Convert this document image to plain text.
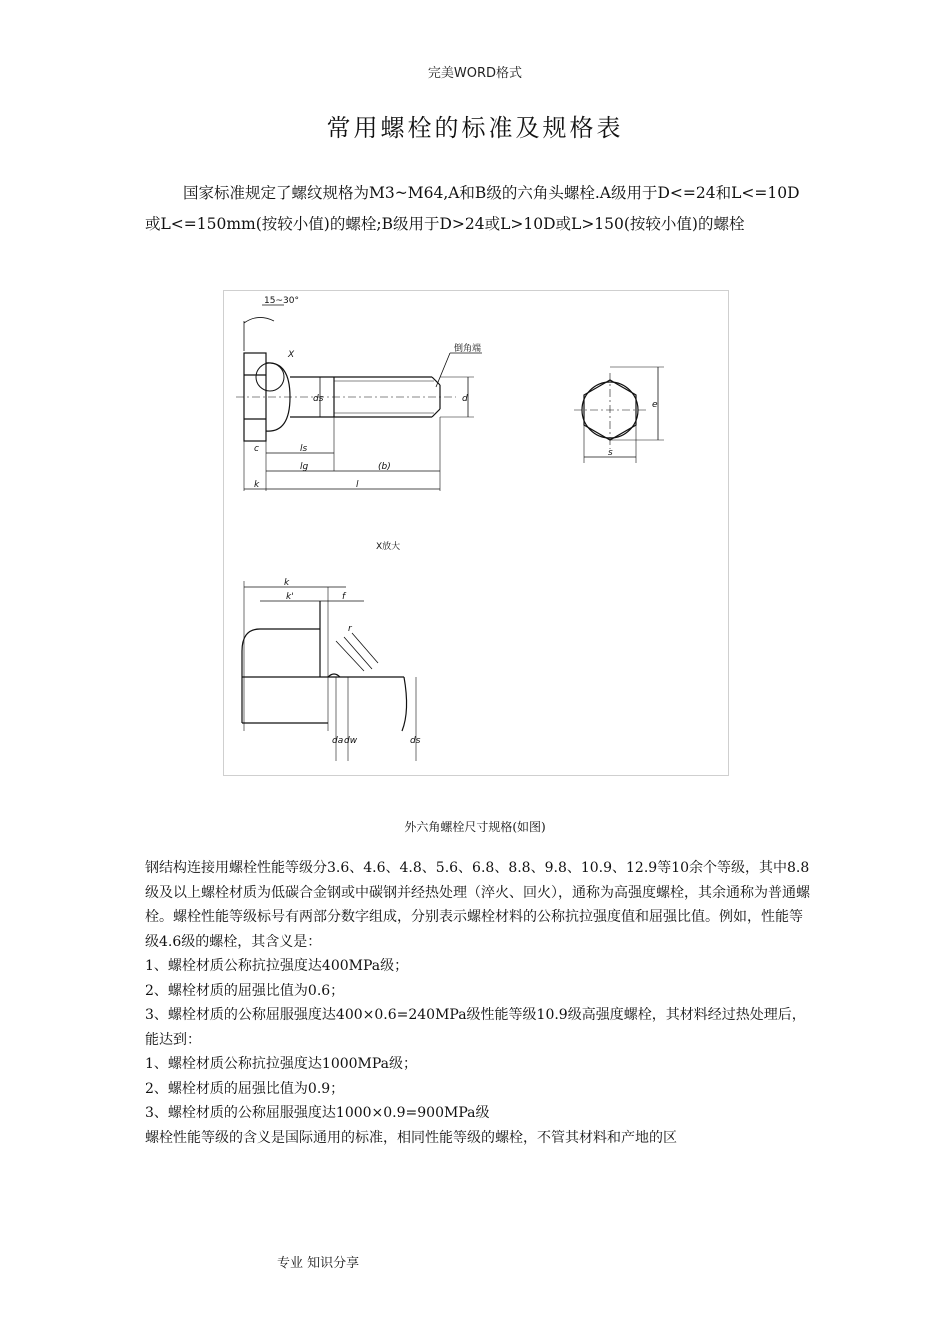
完美WORD格式
常用螺栓的标准及规格表

国家标准规定了螺纹规格为M3~M64,A和B级的六角头螺栓.A级用于D<=24和L<=10D或L<=150mm(按较小值)的螺栓;B级用于D>24或L>10D或L>150(按较小值)的螺栓

15~30°
X
倒角端
ds	d
c	ls
lg	(b)
k	l
e
s
X放大
k
k'	f
r
da dw	ds
外六角螺栓尺寸规格(如图)

钢结构连接用螺栓性能等级分3.6、4.6、4.8、5.6、6.8、8.8、9.8、10.9、12.9等10余个等级，其中8.8级及以上螺栓材质为低碳合金钢或中碳钢并经热处理（淬火、回火），通称为高强度螺栓，其余通称为普通螺栓。螺栓性能等级标号有两部分数字组成，分别表示螺栓材料的公称抗拉强度值和屈强比值。例如，性能等级4.6级的螺栓，其含义是：

1、螺栓材质公称抗拉强度达400MPa级；

2、螺栓材质的屈强比值为0.6；

3、螺栓材质的公称屈服强度达400×0.6=240MPa级性能等级10.9级高强度螺栓，其材料经过热处理后，能达到：

1、螺栓材质公称抗拉强度达1000MPa级；

2、螺栓材质的屈强比值为0.9；

3、螺栓材质的公称屈服强度达1000×0.9=900MPa级

螺栓性能等级的含义是国际通用的标准，相同性能等级的螺栓，不管其材料和产地的区

专业 知识分享
